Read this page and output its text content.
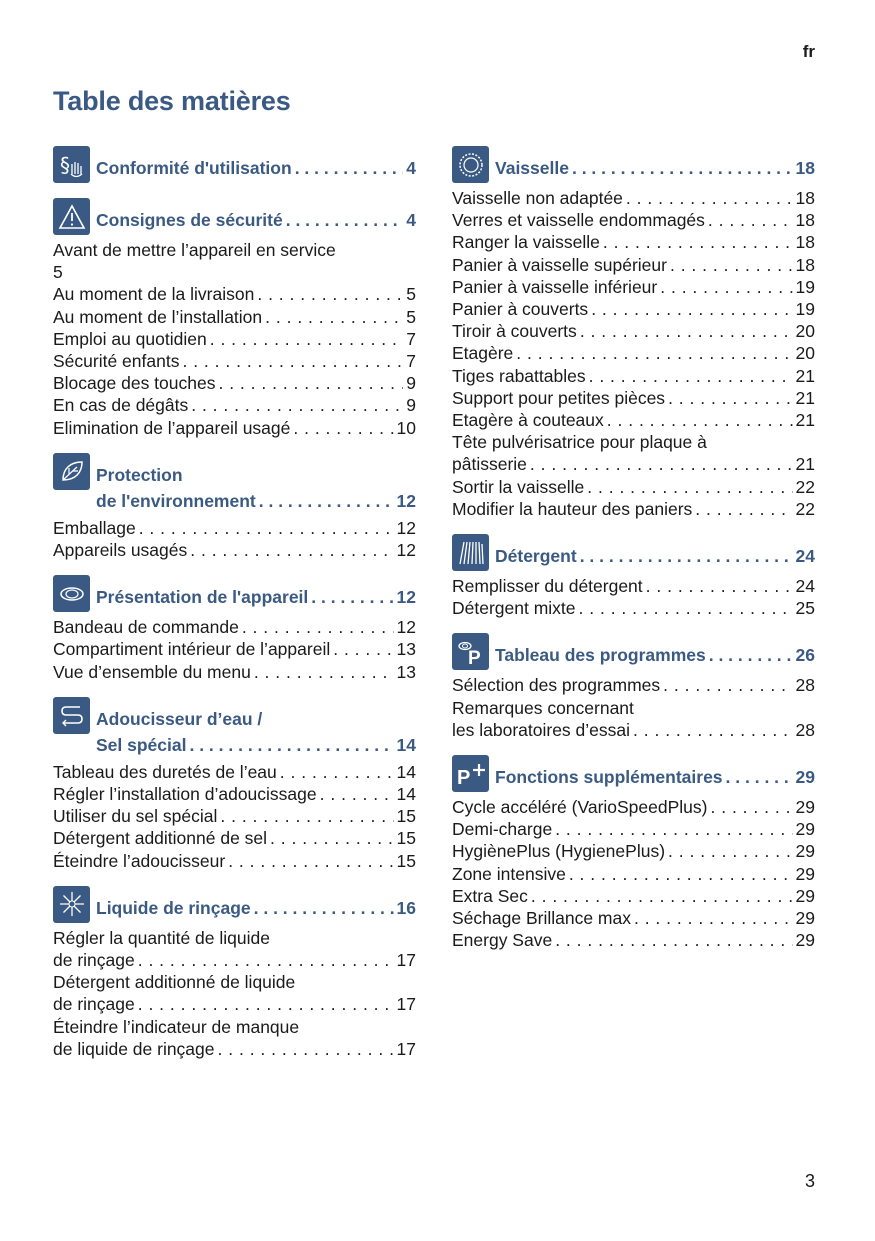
fr
Table des matières
§ Conformité d'utilisation . . .	4
Consignes de sécurité . . .	4
Avant de mettre l’appareil en service
5
Au moment de la livraison . . .	5
Au moment de l’installation . . .	5
Emploi au quotidien . . .	7
Sécurité enfants . . .	7
Blocage des touches . . .	9
En cas de dégâts . . .	9
Elimination de l’appareil usagé . . .	10
Protection
de l'environnement . . .	12
Emballage . . .	12
Appareils usagés . . .	12
Présentation de l'appareil . . .	12
Bandeau de commande . . .	12
Compartiment intérieur de l’appareil . . .	13
Vue d’ensemble du menu . . .	13
Adoucisseur d’eau /
Sel spécial . . .	14
Tableau des duretés de l’eau . . .	14
Régler l’installation d’adoucissage . . .	14
Utiliser du sel spécial . . .	15
Détergent additionné de sel . . .	15
Éteindre l’adoucisseur . . .	15
Liquide de rinçage . . .	16
Régler la quantité de liquide
de rinçage . . .	17
Détergent additionné de liquide
de rinçage . . .	17
Éteindre l’indicateur de manque
de liquide de rinçage . . .	17
Vaisselle . . .	18
Vaisselle non adaptée . . .	18
Verres et vaisselle endommagés . . .	18
Ranger la vaisselle . . .	18
Panier à vaisselle supérieur . . .	18
Panier à vaisselle inférieur . . .	19
Panier à couverts . . .	19
Tiroir à couverts . . .	20
Etagère . . .	20
Tiges rabattables . . .	21
Support pour petites pièces . . .	21
Etagère à couteaux . . .	21
Tête pulvérisatrice pour plaque à
pâtisserie . . .	21
Sortir la vaisselle . . .	22
Modifier la hauteur des paniers . . .	22
Détergent . . .	24
Remplisser du détergent . . .	24
Détergent mixte . . .	25
P Tableau des programmes . . .	26
Sélection des programmes . . .	28
Remarques concernant
les laboratoires d’essai . . .	28
P Fonctions supplémentaires . . .	29
Cycle accéléré (VarioSpeedPlus) . . .	29
Demi-charge . . .	29
HygiènePlus (HygienePlus) . . .	29
Zone intensive . . .	29
Extra Sec . . .	29
Séchage Brillance max . . .	29
Energy Save . . .	29
3
